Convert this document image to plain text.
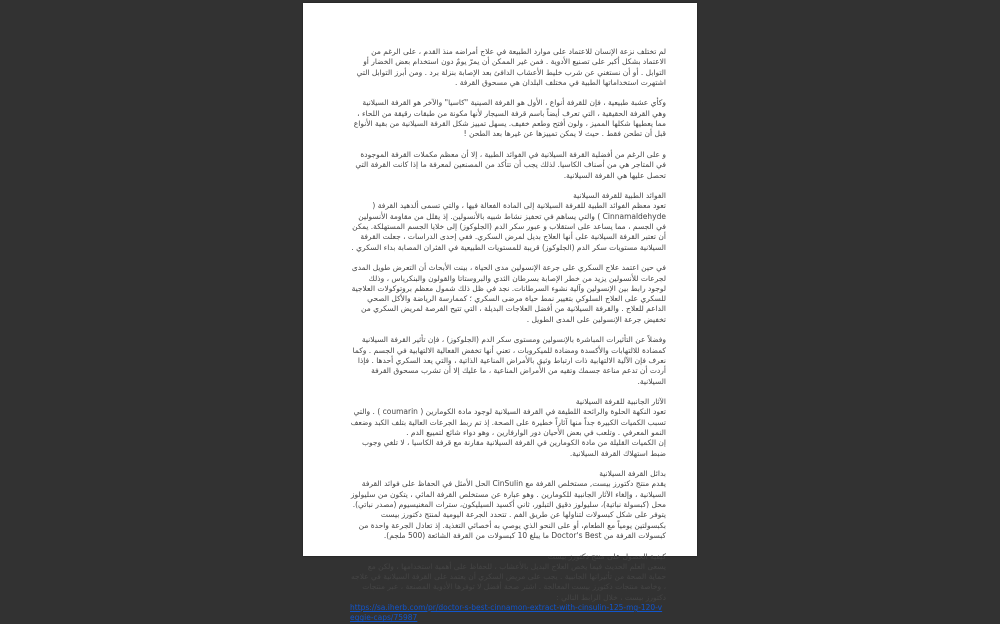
لم تختلف نزعة الإنسان للاعتماد على موارد الطبيعة في علاج أمراضه منذ القدم ، على الرغم من الاعتماد بشكل أكبر على تصنيع الأدوية . فمن غير الممكن أن يمرّ يومٌ دون استخدام بعض الخضار أو التوابل . أو أن نستغني عن شرب خليط الأعشاب الدافئ بعد الإصابة بنزلة برد . ومن أبرز التوابل التي اشتهرت استخداماتها الطبية في مختلف البلدان هي مسحوق القرفة .
وكأي عشبة طبيعية ، فإن للقرفة أنواع ، الأول هو القرفة الصينية "كاسيا" والآخر هو القرفة السيلانية وهي القرفة الحقيقية ، التي تعرف أيضاً باسم قرفة السيجار لأنها مكونة من طبقات رقيقة من اللحاء ، مما يعطيها شكلها المميز ، ولون أفتح وطعم خفيف. يسهل تمييز شكل القرفة السيلانية من بقية الأنواع قبل أن تطحن فقط . حيث لا يمكن تمييزها عن غيرها بعد الطحن !
و على الرغم من أفضلية القرفة السيلانية في الفوائد الطبية ، إلا أن معظم مكملات القرفة الموجودة في المتاجر هي من أصناف الكاسيا. لذلك يجب أن تتأكد من المصنعين لمعرفة ما إذا كانت القرفة التي تحصل عليها هي القرفة السيلانية.
الفوائد الطبية للقرفة السيلانية
تعود معظم الفوائد الطبية للقرفة السيلانية إلى المادة الفعالة فيها ، والتي تسمى ألدهيد القرفة ( Cinnamaldehyde ) والتي يساهم في تحفيز نشاط شبيه بالأنسولين. إذ يقلل من مقاومة الأنسولين في الجسم ، مما يساعد على استقلاب و عبور سكر الدم (الجلوكوز) إلى خلايا الجسم المستهلكة. يمكن أن تعتبر القرفة السيلانية على أنها العلاج بديل لمرض السكري. ففي إحدى الدراسات ، جعلت القرفة السيلانية مستويات سكر الدم (الجلوكوز) قريبة للمستويات الطبيعية في الفئران المصابة بداء السكري .
في حين اعتمد علاج السكري على جرعة الإنسولين مدى الحياة ، بينت الأبحاث أن التعرض طويل المدى لجرعات للأنسولين يزيد من خطر الإصابة بسرطان الثدي والبروستاتا والقولون والبنكرياس ، وذلك لوجود رابط بين الإنسولين وآلية نشوء السرطانات. نجد في ظل ذلك شمول معظم بروتوكولات العلاجية للسكري على العلاج السلوكي بتغيير نمط حياة مرضى السكري ؛ كممارسة الرياضة والأكل الصحي الداعم للعلاج . والقرفة السيلانية من أفضل العلاجات البديلة ، التي تتيح الفرصة لمريض السكري من تخفيض جرعة الإنسولين على المدى الطويل .
وفضلاً عن التأثيرات المباشرة بالإنسولين ومستوى سكر الدم (الجلوكوز) ، فإن تأثير القرفة السيلانية كمضادة للالتهابات والأكسدة ومضادة للميكروبات ، تعني أنها تخفض الفعالية الالتهابية في الجسم . وكما نعرف فإن الآلية الالتهابية ذات ارتباط وثيق بالأمراض المناعية الذاتية ، والتي يعد السكري أحدها . فإذا أردت أن تدعم مناعة جسمك وتقيه من الأمراض المناعية ، ما عليك إلا أن تشرب مسحوق القرفة السيلانية.
الآثار الجانبية للقرفة السيلانية
تعود النكهة الحلوة والرائحة اللطيفة في القرفة السيلانية لوجود مادة الكومارين ( coumarin ) . والتي تسبب الكميات الكبيرة جداً منها آثاراً خطيرة على الصحة. إذ تم ربط الجرعات العالية بتلف الكبد وضعف النمو المعرفي . وتلعب في بعض الأحيان دور الوارفارين ، وهو دواء شائع لتمييع الدم .
إن الكميات القليلة من مادة الكومارين في القرفة السيلانية مقارنة مع قرفة الكاسيا ، لا تلغي وجوب ضبط استهلاك القرفة السيلانية.
بدائل القرفة السيلانية
يقدم منتج دكتورز بيست, مستخلص القرفة مع CinSulin الحل الأمثل في الحفاظ على فوائد القرفة السيلانية ، وإلغاء الآثار الجانبية للكومارين . وهو عبارة عن مستخلص القرفة المائي ، يتكون من سليولوز محل (كبسولة نباتية)، سليولوز دقيق التبلور، ثاني أكسيد السيليكون، سترات المغنيسيوم (مصدر نباتي).
يتوفر على شكل كبسولات لتناولها عن طريق الفم . تتحدد الجرعة اليومية لمنتج دكتورز بيست بكبسولتين يومياً مع الطعام، أو على النحو الذي يوصي به أخصائي التغذية. إذ تعادل الجرعة واحدة من كبسولات القرفة من Doctor's Best ما يبلغ 10 كبسولات من القرفة الشائعة (500 ملجم).
كيفية الحصول على منتج دكتورز بيست
يسعى العلم الحديث فيما يخص العلاج البديل بالأعشاب ، للحفاظ على أهمية استخدامها ، ولكن مع حماية الصحة من تأثيراتها الجانبية . يجب على مريض السكري أن يعتمد على القرفة السيلانية في علاجه ، وخاصة منتجات دكتورز بيست المعالجة . اشتر صحة أفضل لا توفرها الأدوية المصنعة ، عبر منتجات دكتورز بيست ، خلال الرابط التالي :
https://sa.iherb.com/pr/doctor-s-best-cinnamon-extract-with-cinsulin-125-mg-120-veggie-caps/75987
